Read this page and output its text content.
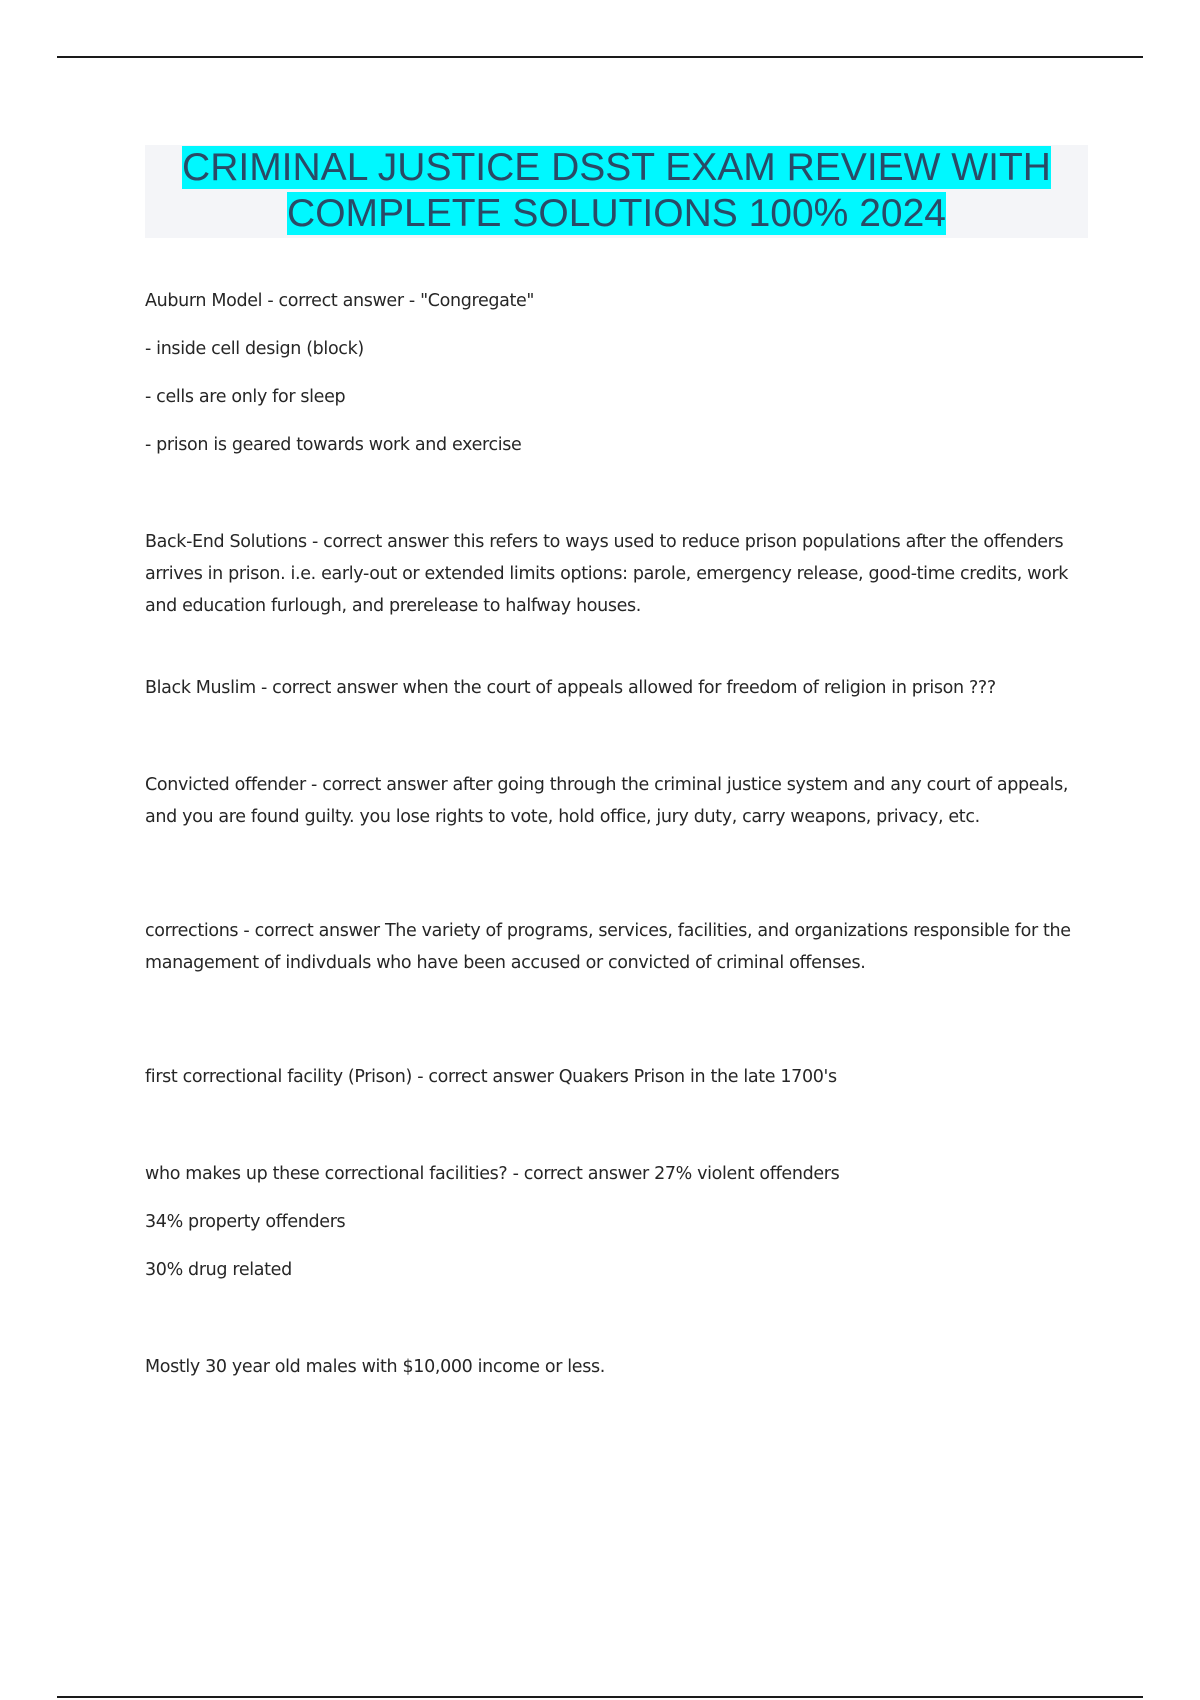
CRIMINAL JUSTICE DSST EXAM REVIEW WITH
COMPLETE SOLUTIONS 100% 2024

Auburn Model - correct answer - "Congregate"

- inside cell design (block)

- cells are only for sleep

- prison is geared towards work and exercise

Back-End Solutions - correct answer this refers to ways used to reduce prison populations after the offenders arrives in prison. i.e. early-out or extended limits options: parole, emergency release, good-time credits, work and education furlough, and prerelease to halfway houses.

Black Muslim - correct answer when the court of appeals allowed for freedom of religion in prison ???

Convicted offender - correct answer after going through the criminal justice system and any court of appeals, and you are found guilty. you lose rights to vote, hold office, jury duty, carry weapons, privacy, etc.

corrections - correct answer The variety of programs, services, facilities, and organizations responsible for the management of indivduals who have been accused or convicted of criminal offenses.

first correctional facility (Prison) - correct answer Quakers Prison in the late 1700's

who makes up these correctional facilities? - correct answer 27% violent offenders

34% property offenders

30% drug related

Mostly 30 year old males with $10,000 income or less.
